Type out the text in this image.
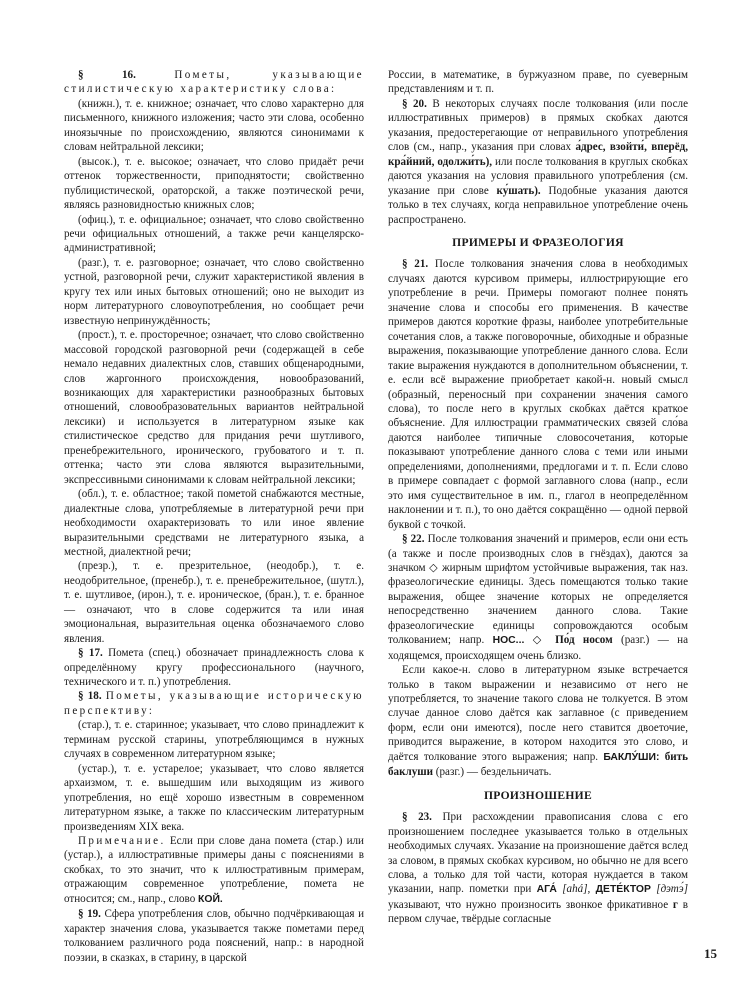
§ 16.	Пометы, указывающие стилистическую характеристику слова:

(книжн.), т. е. книжное; означает, что слово характерно для письменного, книжного изложения; часто эти слова, особенно иноязычные по происхождению, являются синонимами к словам нейтральной лексики;

(высок.), т. е. высокое; означает, что слово придаёт речи оттенок торжественности, приподнятости; свойственно публицистической, ораторской, а также поэтической речи, являясь разновидностью книжных слов;

(офиц.), т. е. официальное; означает, что слово свойственно речи официальных отношений, а также речи канцелярско-административной;

(разг.), т. е. разговорное; означает, что слово свойственно устной, разговорной речи, служит характеристикой явления в кругу тех или иных бытовых отношений; оно не выходит из норм литературного словоупотребления, но сообщает речи известную непринуждённость;

(прост.), т. е. просторечное; означает, что слово свойственно массовой городской разговорной речи (содержащей в себе немало недавних диалектных слов, ставших общенародными, слов жаргонного происхождения, новообразований, возникающих для характеристики разнообразных бытовых отношений, словообразовательных вариантов нейтральной лексики) и используется в литературном языке как стилистическое средство для придания речи шутливого, пренебрежительного, иронического, грубоватого и т. п. оттенка; часто эти слова являются выразительными, экспрессивными синонимами к словам нейтральной лексики;

(обл.), т. е. областное; такой пометой снабжаются местные, диалектные слова, употребляемые в литературной речи при необходимости охарактеризовать то или иное явление выразительными средствами не литературного языка, а местной, диалектной речи;

(презр.), т. е. презрительное, (неодобр.), т. е. неодобрительное, (пренебр.), т. е. пренебрежительное, (шутл.), т. е. шутливое, (ирон.), т. е. ироническое, (бран.), т. е. бранное — означают, что в слове содержится та или иная эмоциональная, выразительная оценка обозначаемого слово явления.

§ 17. Помета (спец.) обозначает принадлежность слова к определённому кругу профессионального (научного, технического и т. п.) употребления.

§ 18. Пометы, указывающие историческую перспективу:

(стар.), т. е. старинное; указывает, что слово принадлежит к терминам русской старины, употребляющимся в нужных случаях в современном литературном языке;

(устар.), т. е. устарелое; указывает, что слово является архаизмом, т. е. вышедшим или выходящим из живого употребления, но ещё хорошо известным в современном литературном языке, а также по классическим литературным произведениям XIX века.

Примечание. Если при слове дана помета (стар.) или (устар.), а иллюстративные примеры даны с пояснениями в скобках, то это значит, что к иллюстративным примерам, отражающим современное употребление, помета не относится; см., напр., слово КОЙ.

§ 19. Сфера употребления слов, обычно подчёркивающая и характер значения слова, указывается также пометами перед толкованием различного рода пояснений, напр.: в народной поэзии, в сказках, в старину, в царской

России, в математике, в буржуазном праве, по суеверным представлениям и т. п.

§ 20. В некоторых случаях после толкования (или после иллюстративных примеров) в прямых скобках даются указания, предостерегающие от неправильного употребления слов (см., напр., указания при словах а́дрес, взойти́, вперёд, кра́йний, одолжи́ть), или после толкования в круглых скобках даются указания на условия правильного употребления (см. указание при слове ку́шать). Подобные указания даются только в тех случаях, когда неправильное употребление очень распространено.

ПРИМЕРЫ И ФРАЗЕОЛОГИЯ

§ 21. После толкования значения слова в необходимых случаях даются курсивом примеры, иллюстрирующие его употребление в речи. Примеры помогают полнее понять значение слова и способы его применения. В качестве примеров даются короткие фразы, наиболее употребительные сочетания слов, а также поговорочные, обиходные и образные выражения, показывающие употребление данного слова. Если такие выражения нуждаются в дополнительном объяснении, т. е. если всё выражение приобретает какой-н. новый смысл (образный, переносный при сохранении значения самого слова), то после него в круглых скобках даётся краткое объяснение. Для иллюстрации грамматических связей сло́ва даются наиболее типичные словосочетания, которые показывают употребление данного слова с теми или иными определениями, дополнениями, предлогами и т. п. Если слово в примере совпадает с формой заглавного слова (напр., если это имя существительное в им. п., глагол в неопределённом наклонении и т. п.), то оно даётся сокращённо — одной первой буквой с точкой.

§ 22. После толкования значений и примеров, если они есть (а также и после производных слов в гнёздах), даются за значком ◇ жирным шрифтом устойчивые выражения, так наз. фразеологические единицы. Здесь помещаются только такие выражения, общее значение которых не определяется непосредственно значением данного слова. Такие фразеологические единицы сопровождаются особым толкованием; напр. НОС... ◇ По́д носом (разг.) — на ходящемся, происходящем очень близко.

Если какое-н. слово в литературном языке встречается только в таком выражении и независимо от него не употребляется, то значение такого слова не толкуется. В этом случае данное слово даётся как заглавное (с приведением форм, если они имеются), после него ставится двоеточие, приводится выражение, в котором находится это слово, и даётся толкование этого выражения; напр. БАКЛУ́ШИ: бить баклуши (разг.) — бездельничать.

ПРОИЗНОШЕНИЕ

§ 23. При расхождении правописания слова с его произношением последнее указывается только в отдельных необходимых случаях. Указание на произношение даётся вслед за словом, в прямых скобках курсивом, но обычно не для всего слова, а только для той части, которая нуждается в таком указании, напр. пометки при АГА́ [ahá], ДЕТЕ́КТОР [дэтэ́] указывают, что нужно произносить звонкое фрикативное г в первом случае, твёрдые согласные

15
